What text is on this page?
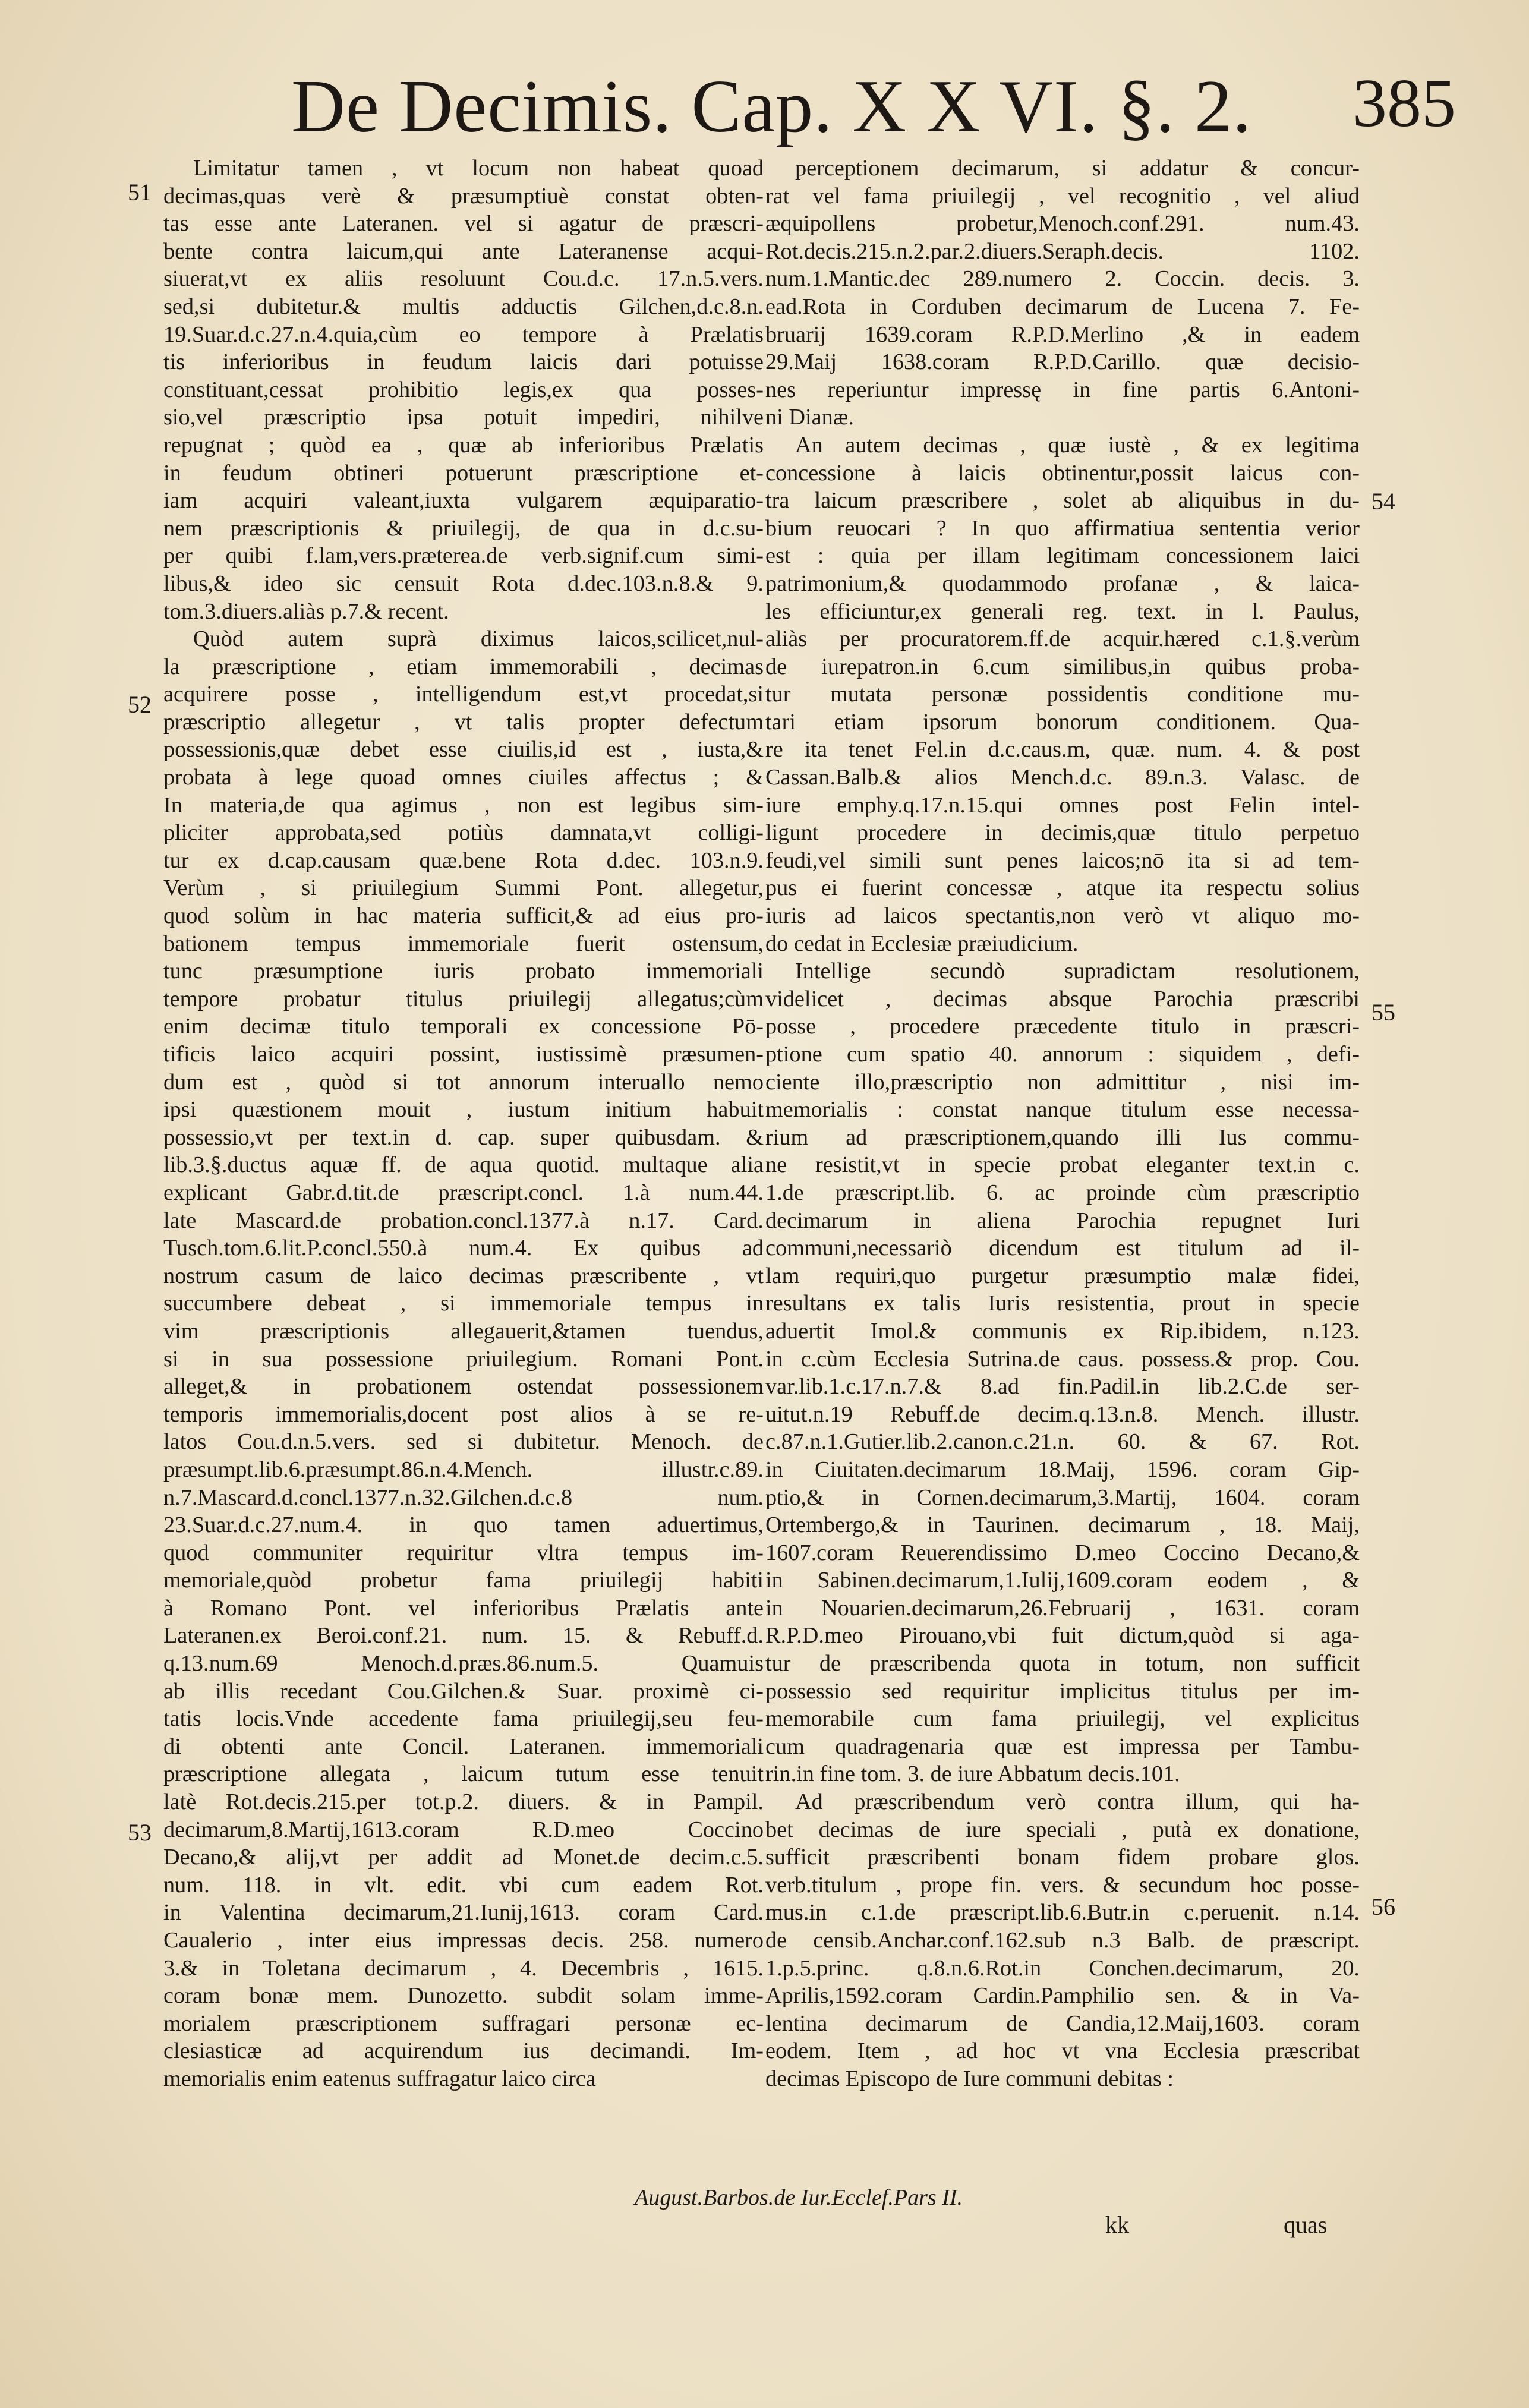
De Decimis. Cap. X X VI. §. 2. 385
51
52
53
54
55
56
Limitatur tamen , vt locum non habeat quoad
decimas,quas verè & præsumptiuè constat obten-
tas esse ante Lateranen. vel si agatur de præscri-
bente contra laicum,qui ante Lateranense acqui-
siuerat,vt ex aliis resoluunt Cou.d.c. 17.n.5.vers.
sed,si dubitetur.& multis adductis Gilchen,d.c.8.n.
19.Suar.d.c.27.n.4.quia,cùm eo tempore à Prælatis
tis inferioribus in feudum laicis dari potuisse
constituant,cessat prohibitio legis,ex qua posses-
sio,vel præscriptio ipsa potuit impediri, nihilve
repugnat ; quòd ea , quæ ab inferioribus Prælatis
in feudum obtineri potuerunt præscriptione et-
iam acquiri valeant,iuxta vulgarem æquiparatio-
nem præscriptionis & priuilegij, de qua in d.c.su-
per quibi f.lam,vers.præterea.de verb.signif.cum simi-
libus,& ideo sic censuit Rota d.dec.103.n.8.& 9.
tom.3.diuers.aliàs p.7.& recent.
Quòd autem suprà diximus laicos,scilicet,nul-
la præscriptione , etiam immemorabili , decimas
acquirere posse , intelligendum est,vt procedat,si
præscriptio allegetur , vt talis propter defectum
possessionis,quæ debet esse ciuilis,id est , iusta,&
probata à lege quoad omnes ciuiles affectus ; &
In materia,de qua agimus , non est legibus sim-
pliciter approbata,sed potiùs damnata,vt colligi-
tur ex d.cap.causam quæ.bene Rota d.dec. 103.n.9.
Verùm , si priuilegium Summi Pont. allegetur,
quod solùm in hac materia sufficit,& ad eius pro-
bationem tempus immemoriale fuerit ostensum,
tunc præsumptione iuris probato immemoriali
tempore probatur titulus priuilegij allegatus;cùm
enim decimæ titulo temporali ex concessione Pō-
tificis laico acquiri possint, iustissimè præsumen-
dum est , quòd si tot annorum interuallo nemo
ipsi quæstionem mouit , iustum initium habuit
possessio,vt per text.in d. cap. super quibusdam. &
lib.3.§.ductus aquæ ff. de aqua quotid. multaque alia
explicant Gabr.d.tit.de præscript.concl. 1.à num.44.
late Mascard.de probation.concl.1377.à n.17. Card.
Tusch.tom.6.lit.P.concl.550.à num.4. Ex quibus ad
nostrum casum de laico decimas præscribente , vt
succumbere debeat , si immemoriale tempus in
vim præscriptionis allegauerit,&tamen tuendus,
si in sua possessione priuilegium. Romani Pont.
alleget,& in probationem ostendat possessionem
temporis immemorialis,docent post alios à se re-
latos Cou.d.n.5.vers. sed si dubitetur. Menoch. de
præsumpt.lib.6.præsumpt.86.n.4.Mench. illustr.c.89.
n.7.Mascard.d.concl.1377.n.32.Gilchen.d.c.8 num.
23.Suar.d.c.27.num.4. in quo tamen aduertimus,
quod communiter requiritur vltra tempus im-
memoriale,quòd probetur fama priuilegij habiti
à Romano Pont. vel inferioribus Prælatis ante
Lateranen.ex Beroi.conf.21. num. 15. & Rebuff.d.
q.13.num.69 Menoch.d.præs.86.num.5. Quamuis
ab illis recedant Cou.Gilchen.& Suar. proximè ci-
tatis locis.Vnde accedente fama priuilegij,seu feu-
di obtenti ante Concil. Lateranen. immemoriali
præscriptione allegata , laicum tutum esse tenuit
latè Rot.decis.215.per tot.p.2. diuers. & in Pampil.
decimarum,8.Martij,1613.coram R.D.meo Coccino
Decano,& alij,vt per addit ad Monet.de decim.c.5.
num. 118. in vlt. edit. vbi cum eadem Rot.
in Valentina decimarum,21.Iunij,1613. coram Card.
Caualerio , inter eius impressas decis. 258. numero
3.& in Toletana decimarum , 4. Decembris , 1615.
coram bonæ mem. Dunozetto. subdit solam imme-
morialem præscriptionem suffragari personæ ec-
clesiasticæ ad acquirendum ius decimandi. Im-
memorialis enim eatenus suffragatur laico circa
perceptionem decimarum, si addatur & concur-
rat vel fama priuilegij , vel recognitio , vel aliud
æquipollens probetur,Menoch.conf.291. num.43.
Rot.decis.215.n.2.par.2.diuers.Seraph.decis. 1102.
num.1.Mantic.dec 289.numero 2. Coccin. decis. 3.
ead.Rota in Corduben decimarum de Lucena 7. Fe-
bruarij 1639.coram R.P.D.Merlino ,& in eadem
29.Maij 1638.coram R.P.D.Carillo. quæ decisio-
nes reperiuntur impressę in fine partis 6.Antoni-
ni Dianæ.
An autem decimas , quæ iustè , & ex legitima
concessione à laicis obtinentur,possit laicus con-
tra laicum præscribere , solet ab aliquibus in du-
bium reuocari ? In quo affirmatiua sententia verior
est : quia per illam legitimam concessionem laici
patrimonium,& quodammodo profanæ , & laica-
les efficiuntur,ex generali reg. text. in l. Paulus,
aliàs per procuratorem.ff.de acquir.hæred c.1.§.verùm
de iurepatron.in 6.cum similibus,in quibus proba-
tur mutata personæ possidentis conditione mu-
tari etiam ipsorum bonorum conditionem. Qua-
re ita tenet Fel.in d.c.caus.m, quæ. num. 4. & post
Cassan.Balb.& alios Mench.d.c. 89.n.3. Valasc. de
iure emphy.q.17.n.15.qui omnes post Felin intel-
ligunt procedere in decimis,quæ titulo perpetuo
feudi,vel simili sunt penes laicos;nō ita si ad tem-
pus ei fuerint concessæ , atque ita respectu solius
iuris ad laicos spectantis,non verò vt aliquo mo-
do cedat in Ecclesiæ præiudicium.
Intellige secundò supradictam resolutionem,
videlicet , decimas absque Parochia præscribi
posse , procedere præcedente titulo in præscri-
ptione cum spatio 40. annorum : siquidem , defi-
ciente illo,præscriptio non admittitur , nisi im-
memorialis : constat nanque titulum esse necessa-
rium ad præscriptionem,quando illi Ius commu-
ne resistit,vt in specie probat eleganter text.in c.
1.de præscript.lib. 6. ac proinde cùm præscriptio
decimarum in aliena Parochia repugnet Iuri
communi,necessariò dicendum est titulum ad il-
lam requiri,quo purgetur præsumptio malæ fidei,
resultans ex talis Iuris resistentia, prout in specie
aduertit Imol.& communis ex Rip.ibidem, n.123.
in c.cùm Ecclesia Sutrina.de caus. possess.& prop. Cou.
var.lib.1.c.17.n.7.& 8.ad fin.Padil.in lib.2.C.de ser-
uitut.n.19 Rebuff.de decim.q.13.n.8. Mench. illustr.
c.87.n.1.Gutier.lib.2.canon.c.21.n. 60. & 67. Rot.
in Ciuitaten.decimarum 18.Maij, 1596. coram Gip-
ptio,& in Cornen.decimarum,3.Martij, 1604. coram
Ortembergo,& in Taurinen. decimarum , 18. Maij,
1607.coram Reuerendissimo D.meo Coccino Decano,&
in Sabinen.decimarum,1.Iulij,1609.coram eodem , &
in Nouarien.decimarum,26.Februarij , 1631. coram
R.P.D.meo Pirouano,vbi fuit dictum,quòd si aga-
tur de præscribenda quota in totum, non sufficit
possessio sed requiritur implicitus titulus per im-
memorabile cum fama priuilegij, vel explicitus
cum quadragenaria quæ est impressa per Tambu-
rin.in fine tom. 3. de iure Abbatum decis.101.
Ad præscribendum verò contra illum, qui ha-
bet decimas de iure speciali , putà ex donatione,
sufficit præscribenti bonam fidem probare glos.
verb.titulum , prope fin. vers. & secundum hoc posse-
mus.in c.1.de præscript.lib.6.Butr.in c.peruenit. n.14.
de censib.Anchar.conf.162.sub n.3 Balb. de præscript.
1.p.5.princ. q.8.n.6.Rot.in Conchen.decimarum, 20.
Aprilis,1592.coram Cardin.Pamphilio sen. & in Va-
lentina decimarum de Candia,12.Maij,1603. coram
eodem. Item , ad hoc vt vna Ecclesia præscribat
decimas Episcopo de Iure communi debitas :
August.Barbos.de Iur.Ecclef.Pars II.
kk	quas
